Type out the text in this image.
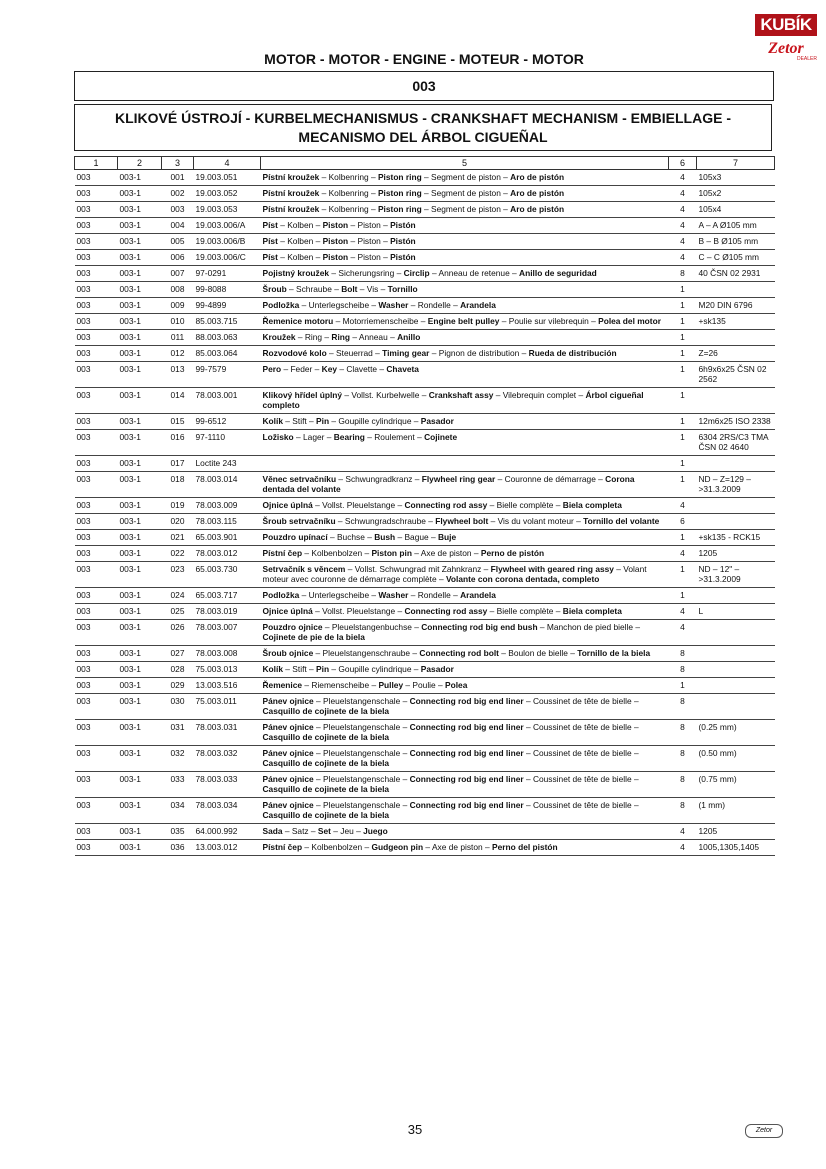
KUBÍK
Zetor
DEALER
MOTOR - MOTOR - ENGINE - MOTEUR - MOTOR
003
KLIKOVÉ ÚSTROJÍ - KURBELMECHANISMUS - CRANKSHAFT MECHANISM - EMBIELLAGE -
MECANISMO DEL ÁRBOL CIGUEÑAL
1	2	3	4	5	6	7
003	003-1	001	19.003.051	Pístní kroužek – Kolbenring – Piston ring – Segment de piston – Aro de pistón	4	105x3
003	003-1	002	19.003.052	Pístní kroužek – Kolbenring – Piston ring – Segment de piston – Aro de pistón	4	105x2
003	003-1	003	19.003.053	Pístní kroužek – Kolbenring – Piston ring – Segment de piston – Aro de pistón	4	105x4
003	003-1	004	19.003.006/A	Píst – Kolben – Piston – Piston – Pistón	4	A – A Ø105 mm
003	003-1	005	19.003.006/B	Píst – Kolben – Piston – Piston – Pistón	4	B – B Ø105 mm
003	003-1	006	19.003.006/C	Píst – Kolben – Piston – Piston – Pistón	4	C – C Ø105 mm
003	003-1	007	97-0291	Pojistný kroužek – Sicherungsring – Circlip – Anneau de retenue – Anillo de seguridad	8	40 ČSN 02 2931
003	003-1	008	99-8088	Šroub – Schraube – Bolt – Vis – Tornillo	1	
003	003-1	009	99-4899	Podložka – Unterlegscheibe – Washer – Rondelle – Arandela	1	M20 DIN 6796
003	003-1	010	85.003.715	Řemenice motoru – Motorriemenscheibe – Engine belt pulley – Poulie sur vilebrequin – Polea del motor	1	+sk135
003	003-1	011	88.003.063	Kroužek – Ring – Ring – Anneau – Anillo	1	
003	003-1	012	85.003.064	Rozvodové kolo – Steuerrad – Timing gear – Pignon de distribution – Rueda de distribución	1	Z=26
003	003-1	013	99-7579	Pero – Feder – Key – Clavette – Chaveta	1	6h9x6x25 ČSN 02 2562
003	003-1	014	78.003.001	Klikový hřídel úplný – Vollst. Kurbelwelle – Crankshaft assy – Vilebrequin complet – Árbol cigueñal completo	1	
003	003-1	015	99-6512	Kolík – Stift – Pin – Goupille cylindrique – Pasador	1	12m6x25 ISO 2338
003	003-1	016	97-1110	Ložisko – Lager – Bearing – Roulement – Cojinete	1	6304 2RS/C3 TMA ČSN 02 4640
003	003-1	017	Loctite 243		1	
003	003-1	018	78.003.014	Věnec setrvačníku – Schwungradkranz – Flywheel ring gear – Couronne de démarrage – Corona dentada del volante	1	ND – Z=129 – >31.3.2009
003	003-1	019	78.003.009	Ojnice úplná – Vollst. Pleuelstange – Connecting rod assy – Bielle complète – Biela completa	4	
003	003-1	020	78.003.115	Šroub setrvačníku – Schwungradschraube – Flywheel bolt – Vis du volant moteur – Tornillo del volante	6	
003	003-1	021	65.003.901	Pouzdro upínací – Buchse – Bush – Bague – Buje	1	+sk135 - RCK15
003	003-1	022	78.003.012	Pístní čep – Kolbenbolzen – Piston pin – Axe de piston – Perno de pistón	4	1205
003	003-1	023	65.003.730	Setrvačník s věncem – Vollst. Schwungrad mit Zahnkranz – Flywheel with geared ring assy – Volant moteur avec couronne de démarrage complète – Volante con corona dentada, completo	1	ND – 12" – >31.3.2009
003	003-1	024	65.003.717	Podložka – Unterlegscheibe – Washer – Rondelle – Arandela	1	
003	003-1	025	78.003.019	Ojnice úplná – Vollst. Pleuelstange – Connecting rod assy – Bielle complète – Biela completa	4	L
003	003-1	026	78.003.007	Pouzdro ojnice – Pleuelstangenbuchse – Connecting rod big end bush – Manchon de pied bielle – Cojinete de pie de la biela	4	
003	003-1	027	78.003.008	Šroub ojnice – Pleuelstangenschraube – Connecting rod bolt – Boulon de bielle – Tornillo de la biela	8	
003	003-1	028	75.003.013	Kolík – Stift – Pin – Goupille cylindrique – Pasador	8	
003	003-1	029	13.003.516	Řemenice – Riemenscheibe – Pulley – Poulie – Polea	1	
003	003-1	030	75.003.011	Pánev ojnice – Pleuelstangenschale – Connecting rod big end liner – Coussinet de tête de bielle – Casquillo de cojinete de la biela	8	
003	003-1	031	78.003.031	Pánev ojnice – Pleuelstangenschale – Connecting rod big end liner – Coussinet de tête de bielle – Casquillo de cojinete de la biela	8	(0.25 mm)
003	003-1	032	78.003.032	Pánev ojnice – Pleuelstangenschale – Connecting rod big end liner – Coussinet de tête de bielle – Casquillo de cojinete de la biela	8	(0.50 mm)
003	003-1	033	78.003.033	Pánev ojnice – Pleuelstangenschale – Connecting rod big end liner – Coussinet de tête de bielle – Casquillo de cojinete de la biela	8	(0.75 mm)
003	003-1	034	78.003.034	Pánev ojnice – Pleuelstangenschale – Connecting rod big end liner – Coussinet de tête de bielle – Casquillo de cojinete de la biela	8	(1 mm)
003	003-1	035	64.000.992	Sada – Satz – Set – Jeu – Juego	4	1205
003	003-1	036	13.003.012	Pístní čep – Kolbenbolzen – Gudgeon pin – Axe de piston – Perno del pistón	4	1005,1305,1405
35	Zetor
